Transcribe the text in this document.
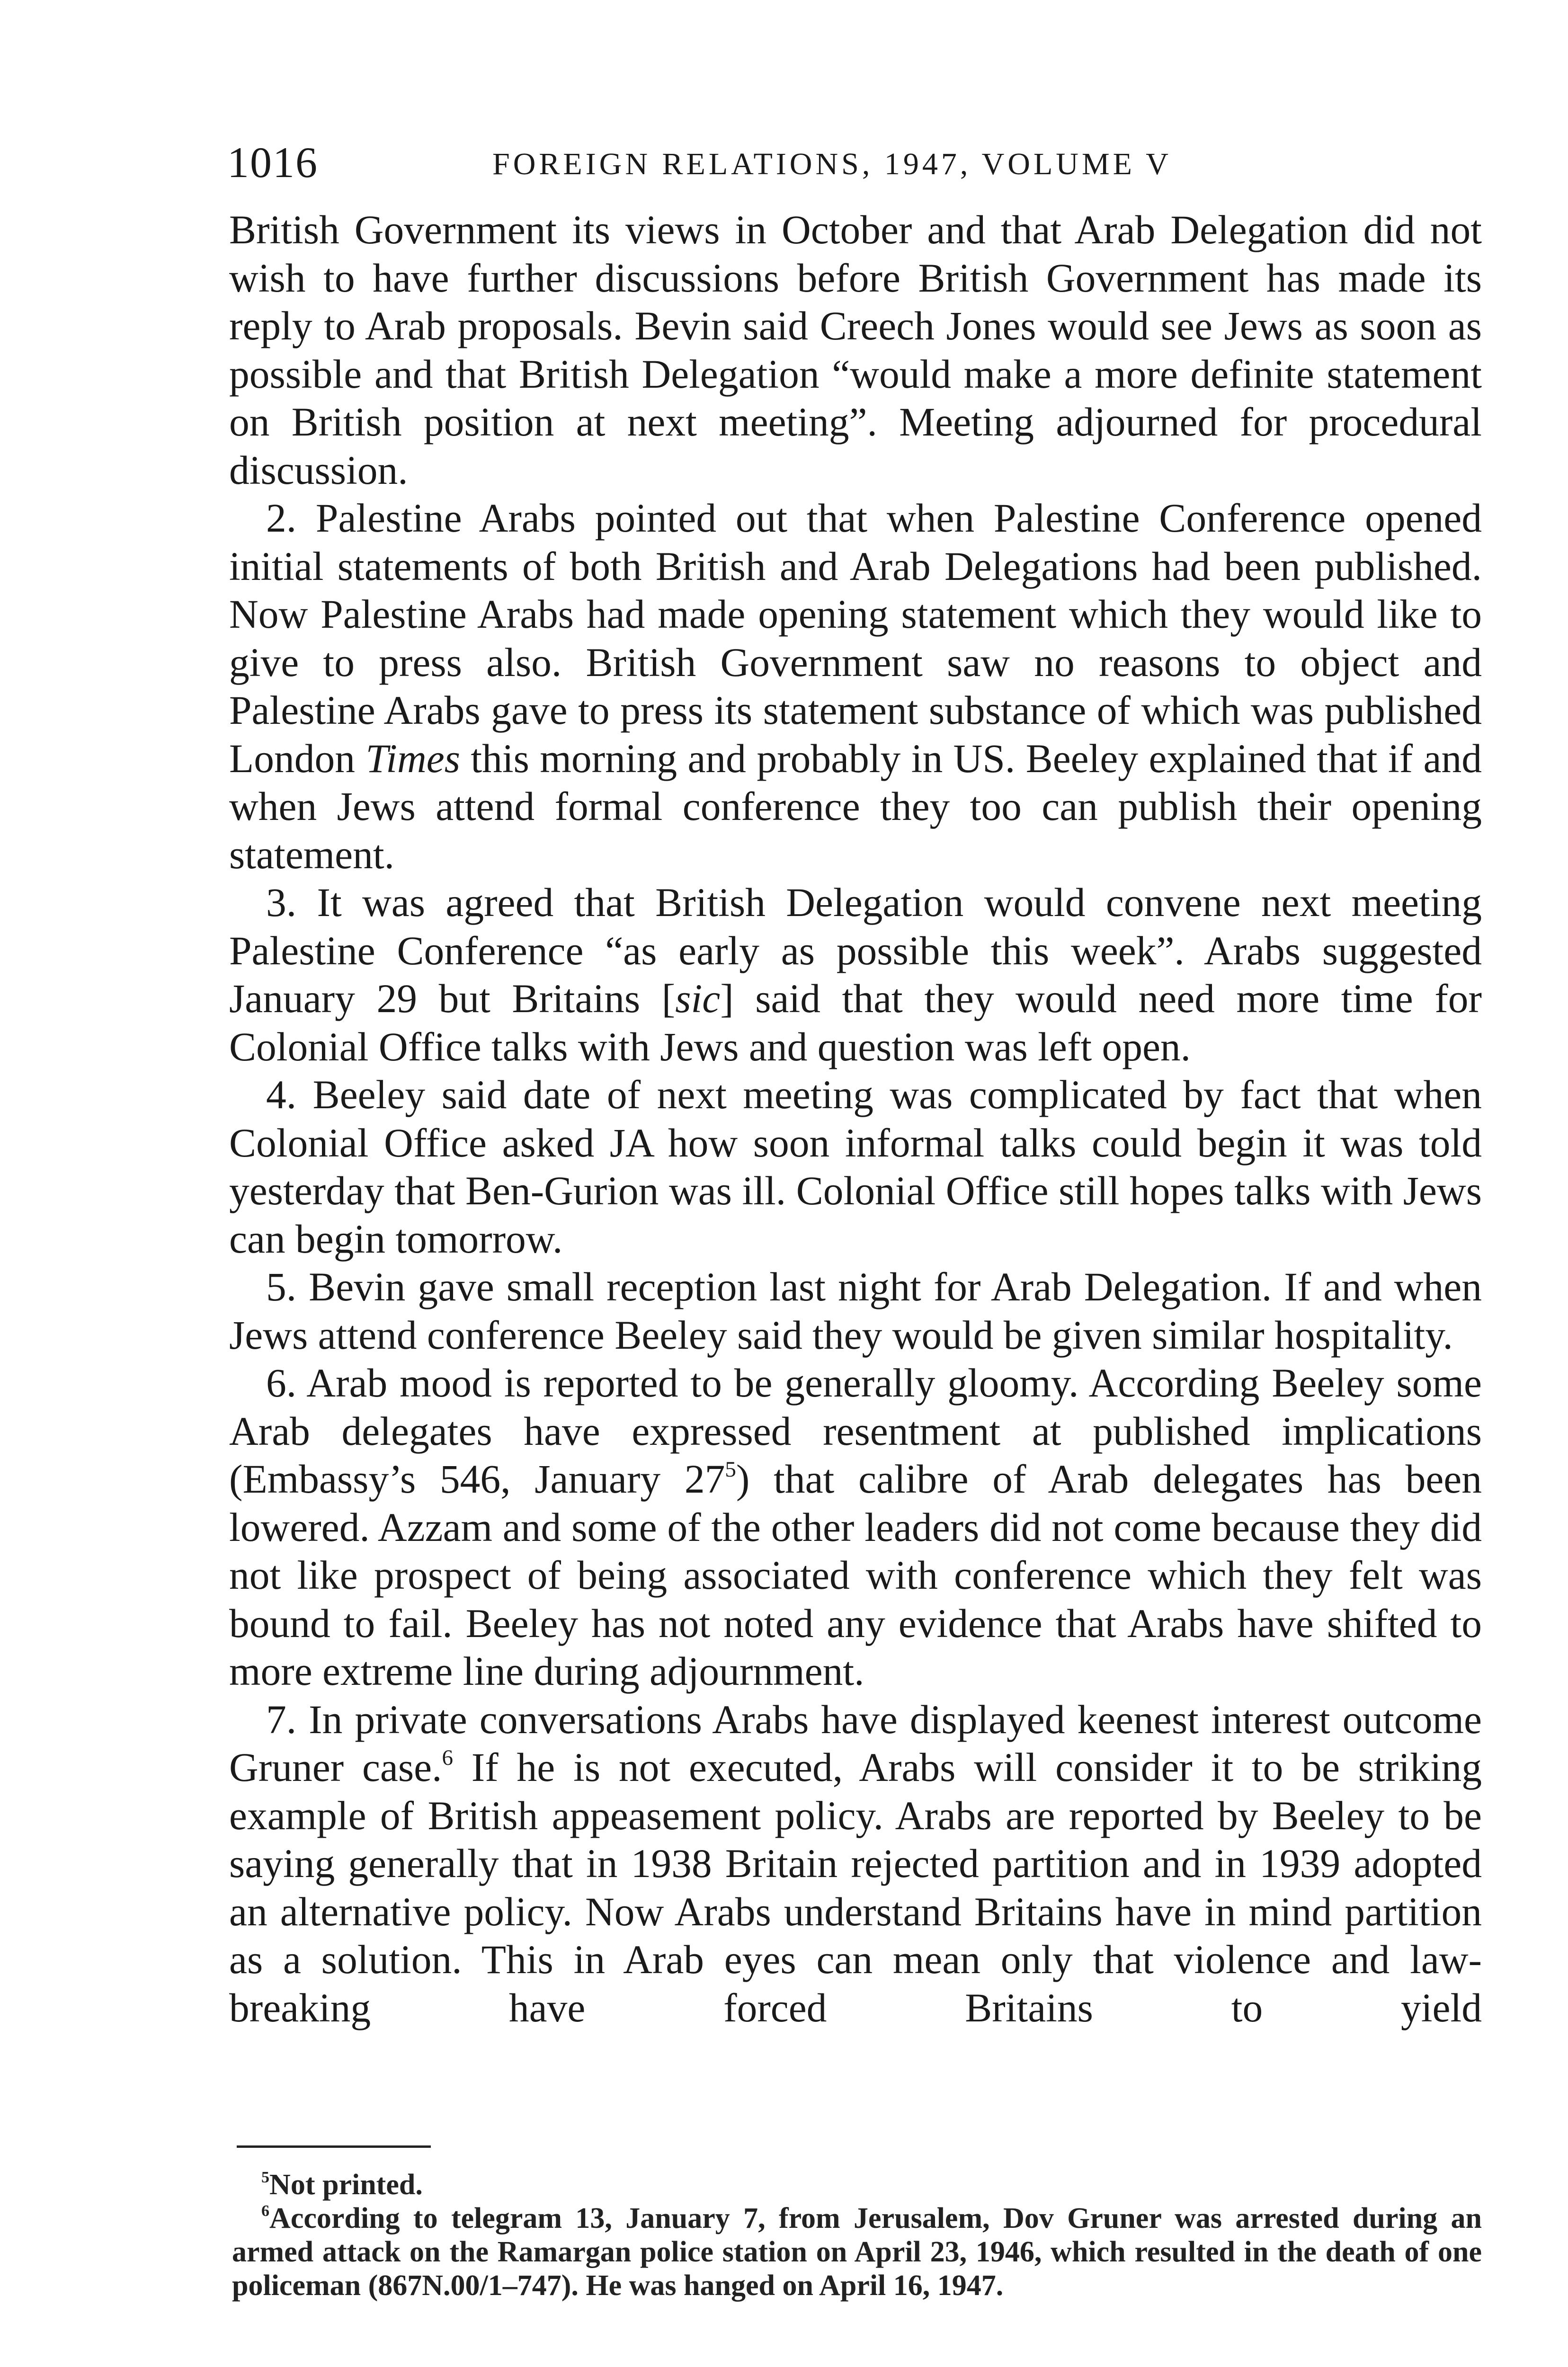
1016	FOREIGN RELATIONS, 1947, VOLUME V

British Government its views in October and that Arab Delegation did not wish to have further discussions before British Government has made its reply to Arab proposals. Bevin said Creech Jones would see Jews as soon as possible and that British Delegation “would make a more definite statement on British position at next meeting”. Meeting adjourned for procedural discussion.

2. Palestine Arabs pointed out that when Palestine Conference opened initial statements of both British and Arab Delegations had been published. Now Palestine Arabs had made opening statement which they would like to give to press also. British Government saw no reasons to object and Palestine Arabs gave to press its statement substance of which was published London Times this morning and probably in US. Beeley explained that if and when Jews attend formal conference they too can publish their opening statement.

3. It was agreed that British Delegation would convene next meeting Palestine Conference “as early as possible this week”. Arabs suggested January 29 but Britains [sic] said that they would need more time for Colonial Office talks with Jews and question was left open.

4. Beeley said date of next meeting was complicated by fact that when Colonial Office asked JA how soon informal talks could begin it was told yesterday that Ben-Gurion was ill. Colonial Office still hopes talks with Jews can begin tomorrow.

5. Bevin gave small reception last night for Arab Delegation. If and when Jews attend conference Beeley said they would be given similar hospitality.

6. Arab mood is reported to be generally gloomy. According Beeley some Arab delegates have expressed resentment at published implications (Embassy’s 546, January $27^5$) that calibre of Arab delegates has been lowered. Azzam and some of the other leaders did not come because they did not like prospect of being associated with conference which they felt was bound to fail. Beeley has not noted any evidence that Arabs have shifted to more extreme line during adjournment.

7. In private conversations Arabs have displayed keenest interest outcome Gruner case.$^6$ If he is not executed, Arabs will consider it to be striking example of British appeasement policy. Arabs are reported by Beeley to be saying generally that in 1938 Britain rejected partition and in 1939 adopted an alternative policy. Now Arabs understand Britains have in mind partition as a solution. This in Arab eyes can mean only that violence and law-breaking have forced Britains to yield

$^5$Not printed.

$^6$According to telegram 13, January 7, from Jerusalem, Dov Gruner was arrested during an armed attack on the Ramargan police station on April 23, 1946, which resulted in the death of one policeman (867N.00/1–747). He was hanged on April 16, 1947.
